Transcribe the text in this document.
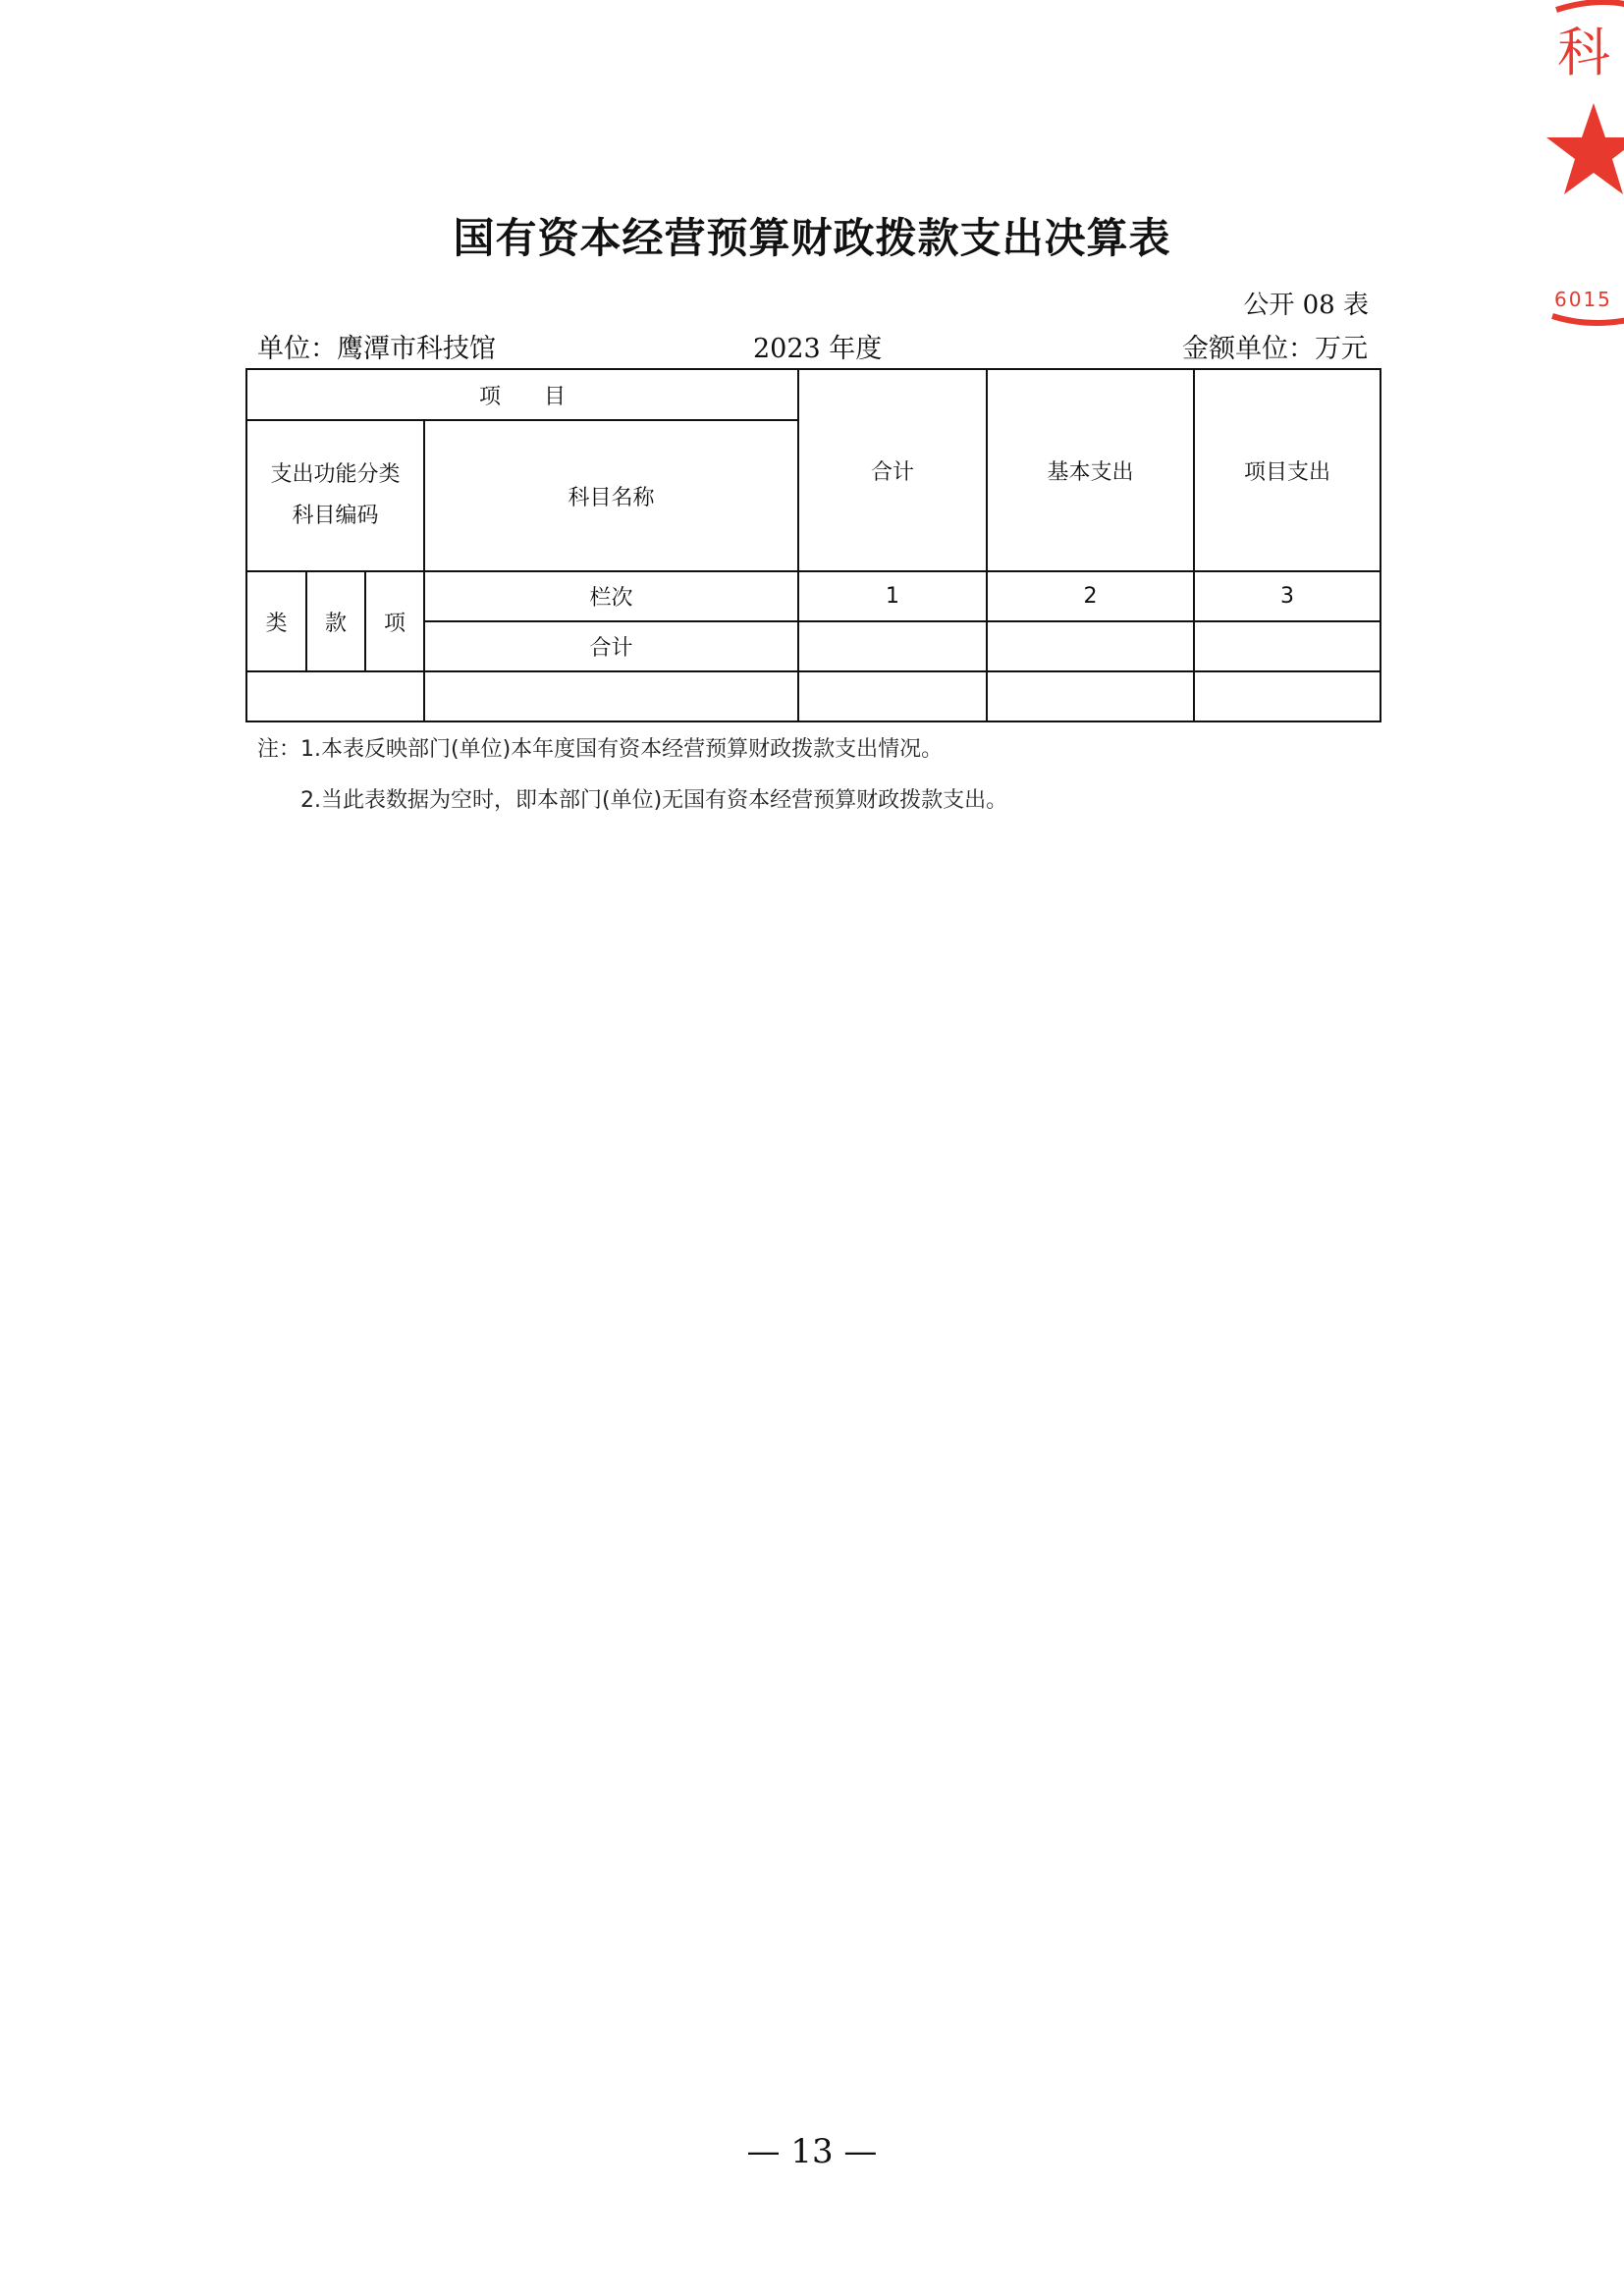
国有资本经营预算财政拨款支出决算表
公开 08 表
单位：鹰潭市科技馆	2023 年度	金额单位：万元
项　　目				合计	基本支出	项目支出

支出功能分类
科目编码			科目名称			
类	款	项	栏次	1	2	3
			合计			

注：1.本表反映部门(单位)本年度国有资本经营预算财政拨款支出情况。
2.当此表数据为空时，即本部门(单位)无国有资本经营预算财政拨款支出。
— 13 —
科
6015
